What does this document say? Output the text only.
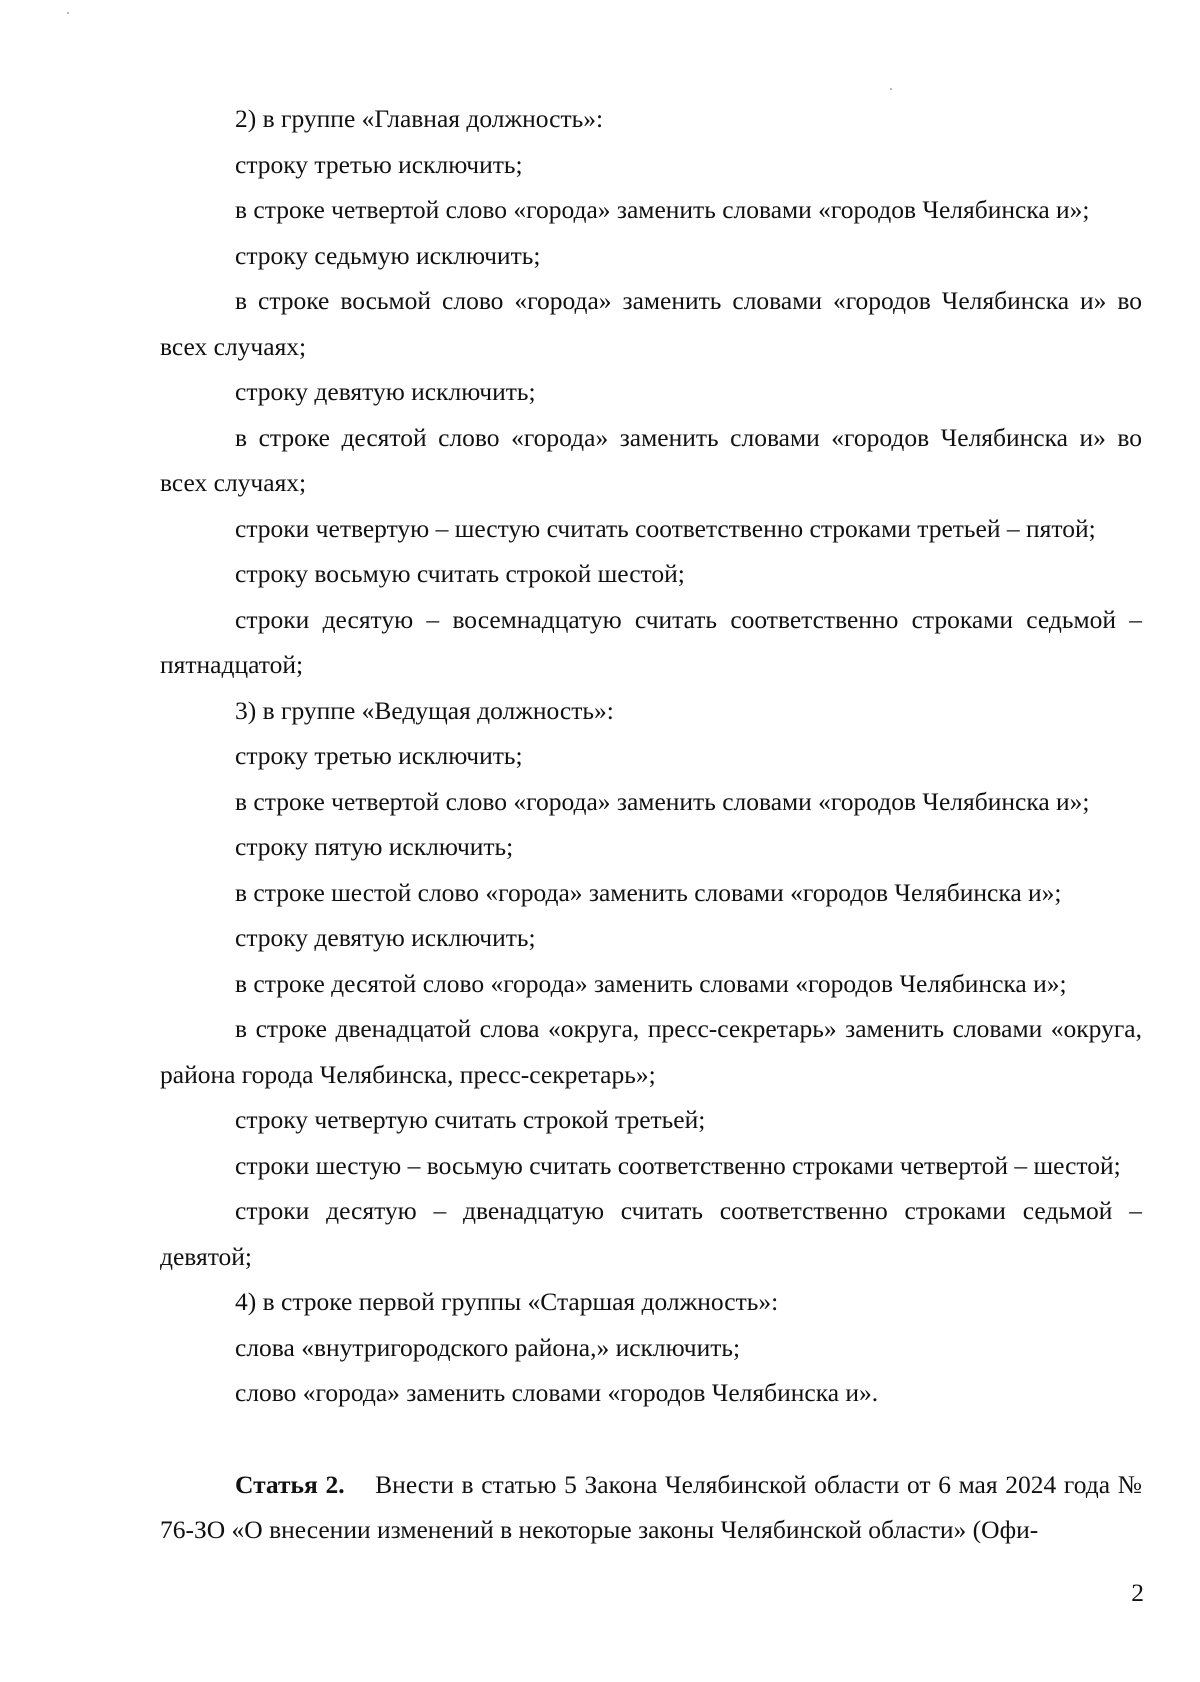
2) в группе «Главная должность»:

строку третью исключить;

в строке четвертой слово «города» заменить словами «городов Челябинска и»;

строку седьмую исключить;

в строке восьмой слово «города» заменить словами «городов Челябинска и» во всех случаях;

строку девятую исключить;

в строке десятой слово «города» заменить словами «городов Челябинска и» во всех случаях;

строки четвертую – шестую считать соответственно строками третьей – пятой;

строку восьмую считать строкой шестой;

строки десятую – восемнадцатую считать соответственно строками седьмой – пятнадцатой;

3) в группе «Ведущая должность»:

строку третью исключить;

в строке четвертой слово «города» заменить словами «городов Челябинска и»;

строку пятую исключить;

в строке шестой слово «города» заменить словами «городов Челябинска и»;

строку девятую исключить;

в строке десятой слово «города» заменить словами «городов Челябинска и»;

в строке двенадцатой слова «округа, пресс-секретарь» заменить словами «округа, района города Челябинска, пресс-секретарь»;

строку четвертую считать строкой третьей;

строки шестую – восьмую считать соответственно строками четвертой – шестой;

строки десятую – двенадцатую считать соответственно строками седьмой – девятой;

4) в строке первой группы «Старшая должность»:

слова «внутригородского района,» исключить;

слово «города» заменить словами «городов Челябинска и».

Статья 2. Внести в статью 5 Закона Челябинской области от 6 мая 2024 года № 76-ЗО «О внесении изменений в некоторые законы Челябинской области» (Офи-

2
